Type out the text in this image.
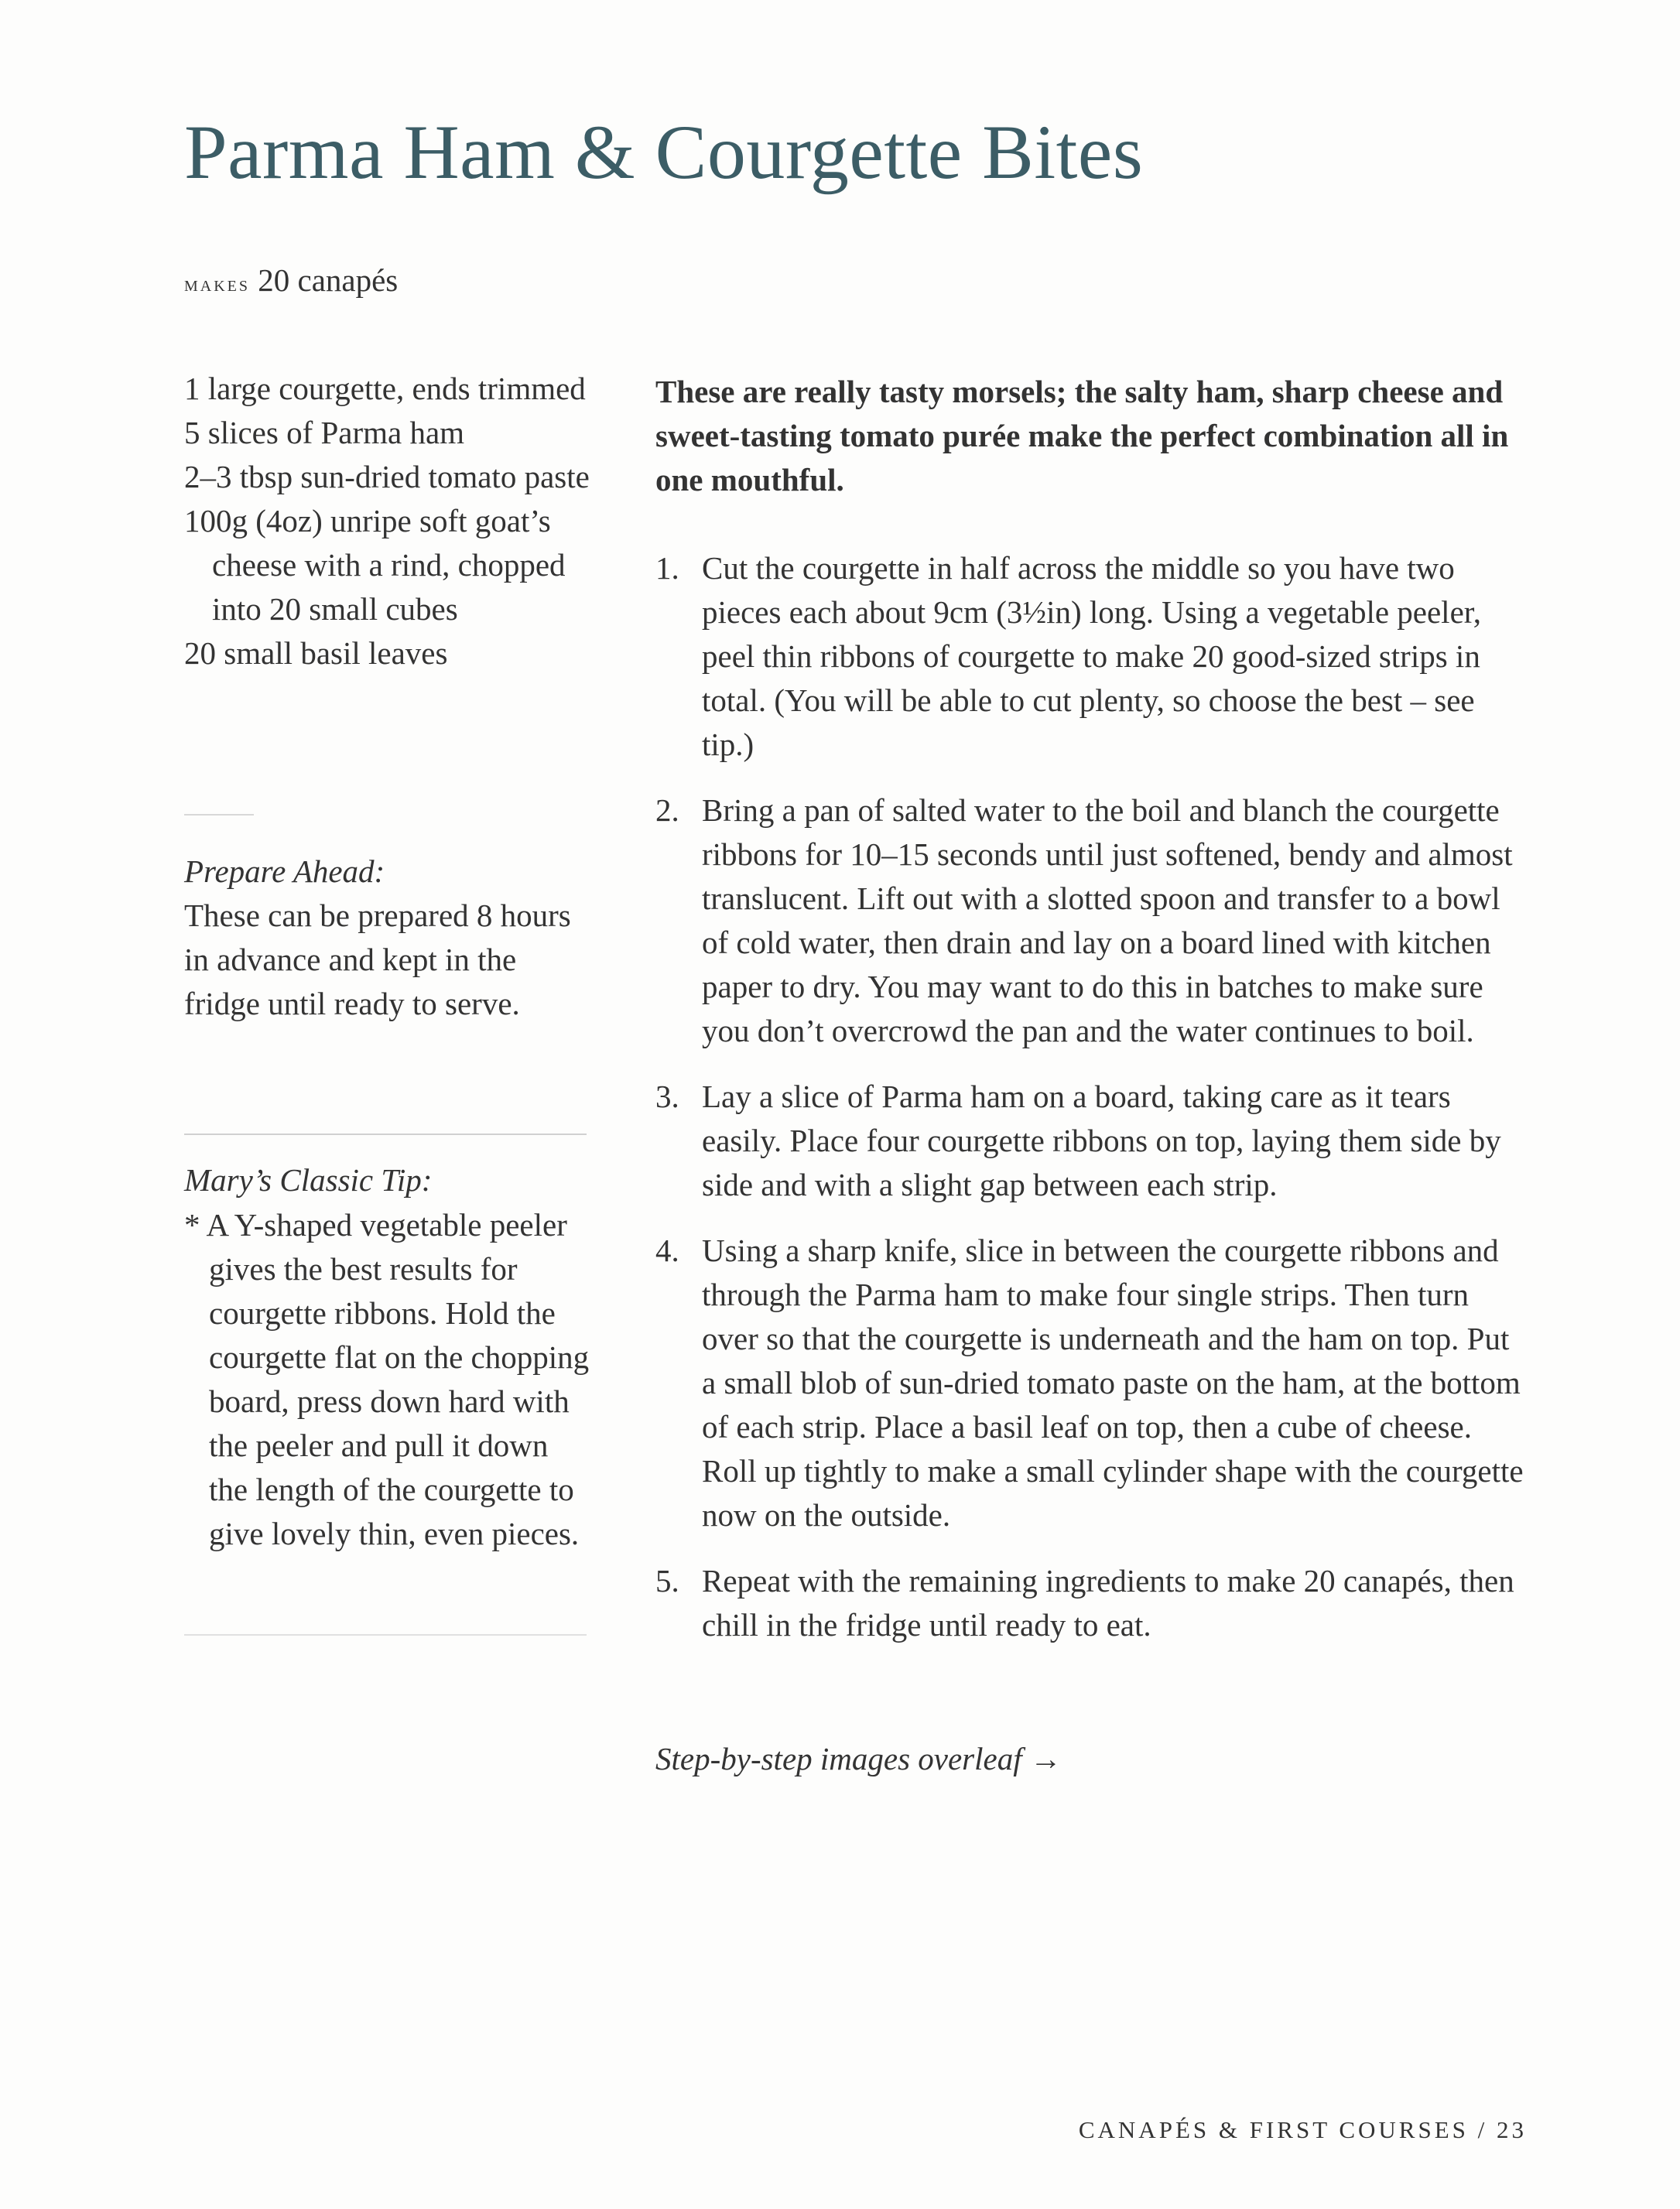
Parma Ham & Courgette Bites
makes 20 canapés
1 large courgette, ends trimmed
5 slices of Parma ham
2–3 tbsp sun-dried tomato paste
100g (4oz) unripe soft goat’s cheese with a rind, chopped into 20 small cubes
20 small basil leaves
Prepare Ahead:
These can be prepared 8 hours in advance and kept in the fridge until ready to serve.
Mary’s Classic Tip:
* A Y-shaped vegetable peeler gives the best results for courgette ribbons. Hold the courgette flat on the chopping board, press down hard with the peeler and pull it down the length of the courgette to give lovely thin, even pieces.

These are really tasty morsels; the salty ham, sharp cheese and sweet-tasting tomato purée make the perfect combination all in one mouthful.

1. Cut the courgette in half across the middle so you have two pieces each about 9cm (3½in) long. Using a vegetable peeler, peel thin ribbons of courgette to make 20 good-sized strips in total. (You will be able to cut plenty, so choose the best – see tip.)
2. Bring a pan of salted water to the boil and blanch the courgette ribbons for 10–15 seconds until just softened, bendy and almost translucent. Lift out with a slotted spoon and transfer to a bowl of cold water, then drain and lay on a board lined with kitchen paper to dry. You may want to do this in batches to make sure you don’t overcrowd the pan and the water continues to boil.
3. Lay a slice of Parma ham on a board, taking care as it tears easily. Place four courgette ribbons on top, laying them side by side and with a slight gap between each strip.
4. Using a sharp knife, slice in between the courgette ribbons and through the Parma ham to make four single strips. Then turn over so that the courgette is underneath and the ham on top. Put a small blob of sun-dried tomato paste on the ham, at the bottom of each strip. Place a basil leaf on top, then a cube of cheese. Roll up tightly to make a small cylinder shape with the courgette now on the outside.
5. Repeat with the remaining ingredients to make 20 canapés, then chill in the fridge until ready to eat.
Step-by-step images overleaf →
CANAPÉS & FIRST COURSES / 23
